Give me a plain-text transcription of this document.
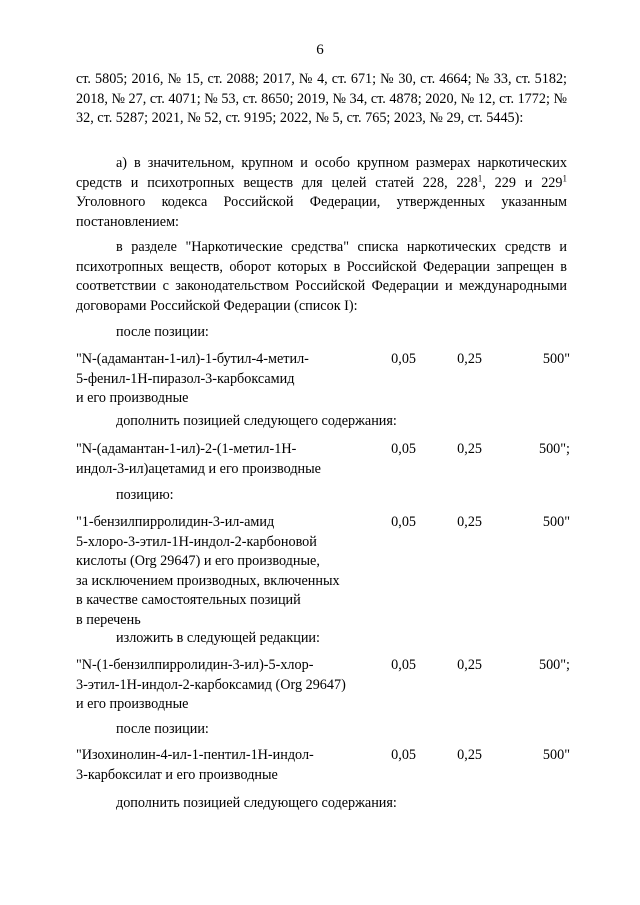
6
ст. 5805; 2016, № 15, ст. 2088; 2017, № 4, ст. 671; № 30, ст. 4664; № 33, ст. 5182; 2018, № 27, ст. 4071; № 53, ст. 8650; 2019, № 34, ст. 4878; 2020, № 12, ст. 1772; № 32, ст. 5287; 2021, № 52, ст. 9195; 2022, № 5, ст. 765; 2023, № 29, ст. 5445):
а) в значительном, крупном и особо крупном размерах наркотических средств и психотропных веществ для целей статей 228, $228^1$, 229 и $229^1$ Уголовного кодекса Российской Федерации, утвержденных указанным постановлением:
в разделе "Наркотические средства" списка наркотических средств и психотропных веществ, оборот которых в Российской Федерации запрещен в соответствии с законодательством Российской Федерации и международными договорами Российской Федерации (список I):
после позиции:
"N-(адамантан-1-ил)-1-бутил-4-метил-
5-фенил-1Н-пиразол-3-карбоксамид
и его производные
0,05	0,25	500"
дополнить позицией следующего содержания:
"N-(адамантан-1-ил)-2-(1-метил-1Н-
индол-3-ил)ацетамид и его производные
0,05	0,25	500";
позицию:
"1-бензилпирролидин-3-ил-амид
5-хлоро-3-этил-1Н-индол-2-карбоновой
кислоты (Org 29647) и его производные,
за исключением производных, включенных
в качестве самостоятельных позиций
в перечень
0,05	0,25	500"
изложить в следующей редакции:
"N-(1-бензилпирролидин-3-ил)-5-хлор-
3-этил-1Н-индол-2-карбоксамид (Org 29647)
и его производные
0,05	0,25	500";
после позиции:
"Изохинолин-4-ил-1-пентил-1Н-индол-
3-карбоксилат и его производные
0,05	0,25	500"
дополнить позицией следующего содержания:
